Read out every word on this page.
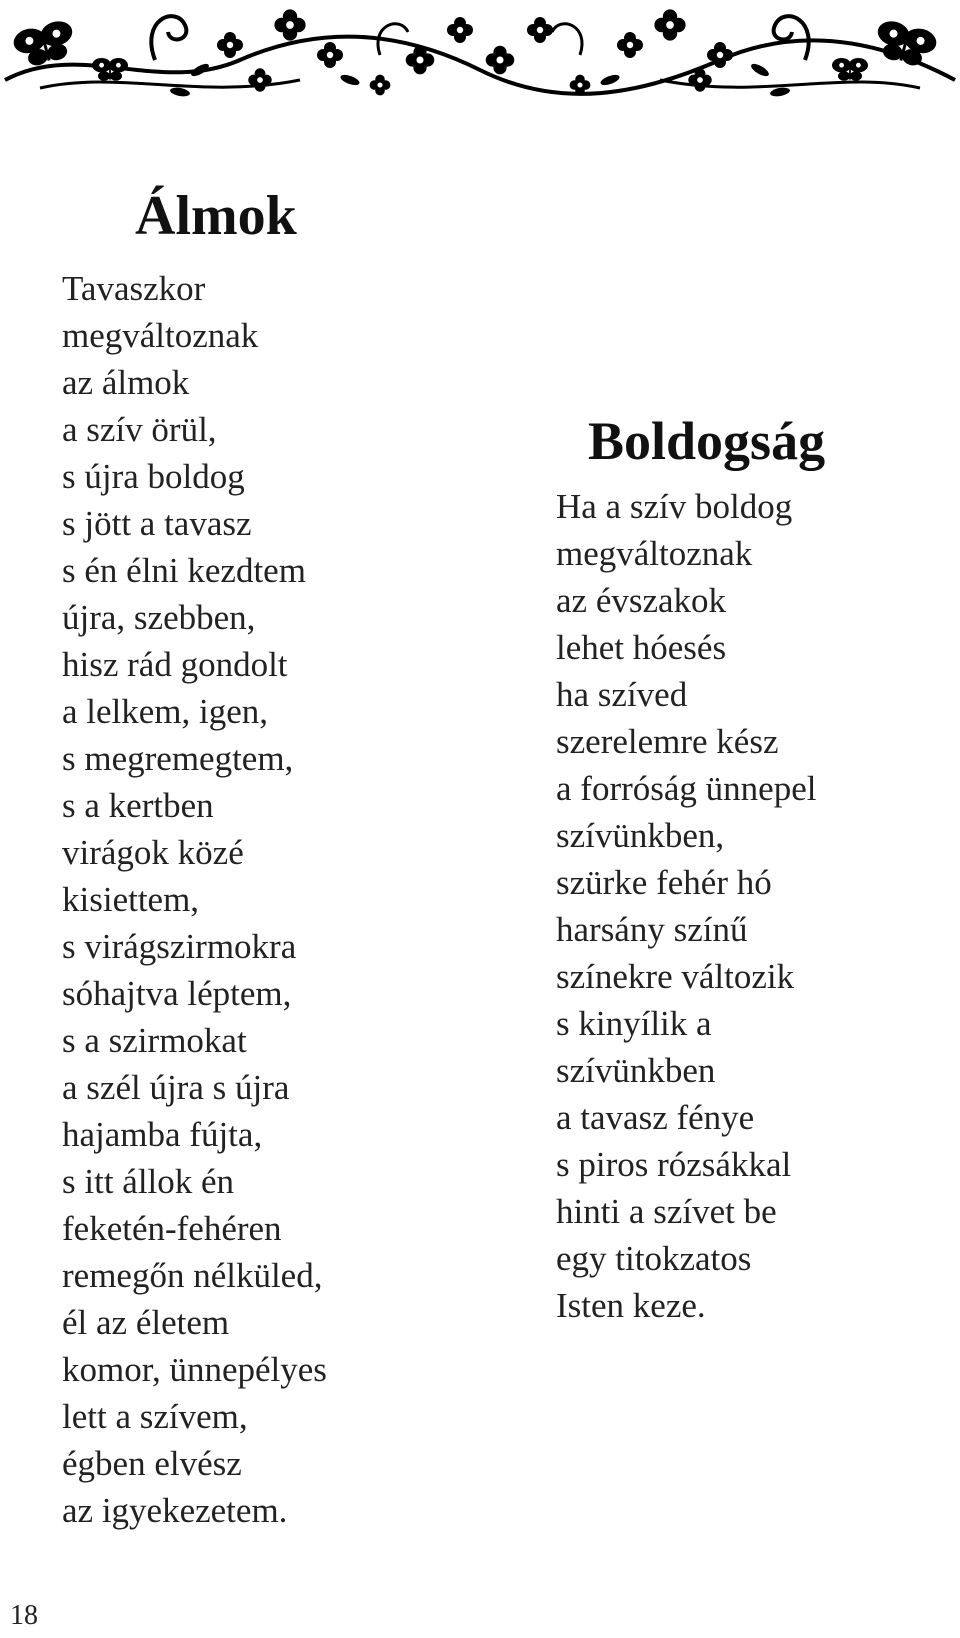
Álmok
Tavaszkor
megváltoznak
az álmok
a szív örül,
s újra boldog
s jött a tavasz
s én élni kezdtem
újra, szebben,
hisz rád gondolt
a lelkem, igen,
s megremegtem,
s a kertben
virágok közé
kisiettem,
s virágszirmokra
sóhajtva léptem,
s a szirmokat
a szél újra s újra
hajamba fújta,
s itt állok én
feketén-fehéren
remegőn nélküled,
él az életem
komor, ünnepélyes
lett a szívem,
égben elvész
az igyekezetem.
Boldogság
Ha a szív boldog
megváltoznak
az évszakok
lehet hóesés
ha szíved
szerelemre kész
a forróság ünnepel
szívünkben,
szürke fehér hó
harsány színű
színekre változik
s kinyílik a
szívünkben
a tavasz fénye
s piros rózsákkal
hinti a szívet be
egy titokzatos
Isten keze.
18
